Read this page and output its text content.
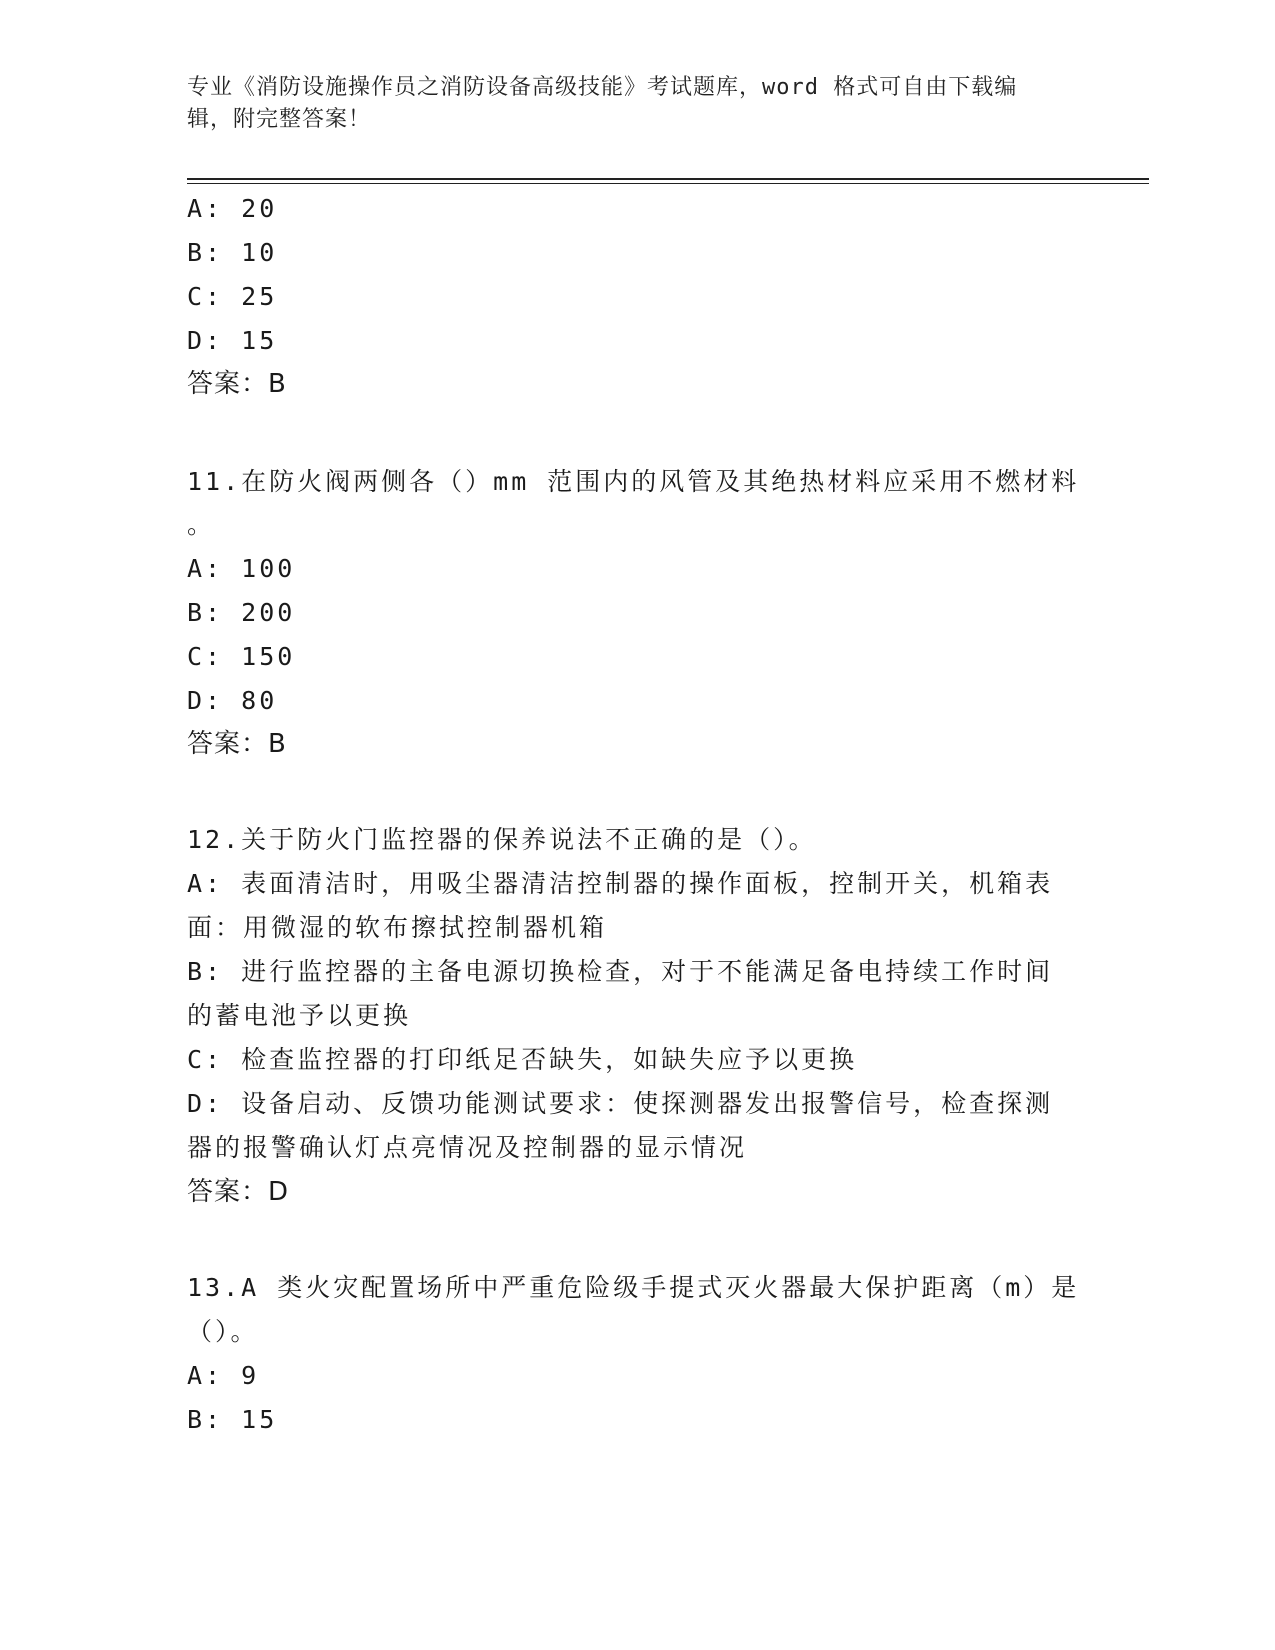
专业《消防设施操作员之消防设备高级技能》考试题库，word 格式可自由下载编
辑，附完整答案！
A: 20
B: 10
C: 25
D: 15
答案：B
11.在防火阀两侧各（）mm 范围内的风管及其绝热材料应采用不燃材料
。
A: 100
B: 200
C: 150
D: 80
答案：B
12.关于防火门监控器的保养说法不正确的是（）。
A: 表面清洁时，用吸尘器清洁控制器的操作面板，控制开关，机箱表
面：用微湿的软布擦拭控制器机箱
B: 进行监控器的主备电源切换检查，对于不能满足备电持续工作时间
的蓄电池予以更换
C: 检查监控器的打印纸足否缺失，如缺失应予以更换
D: 设备启动、反馈功能测试要求：使探测器发出报警信号，检查探测
器的报警确认灯点亮情况及控制器的显示情况
答案：D
13.A 类火灾配置场所中严重危险级手提式灭火器最大保护距离（m）是
（）。
A: 9
B: 15
